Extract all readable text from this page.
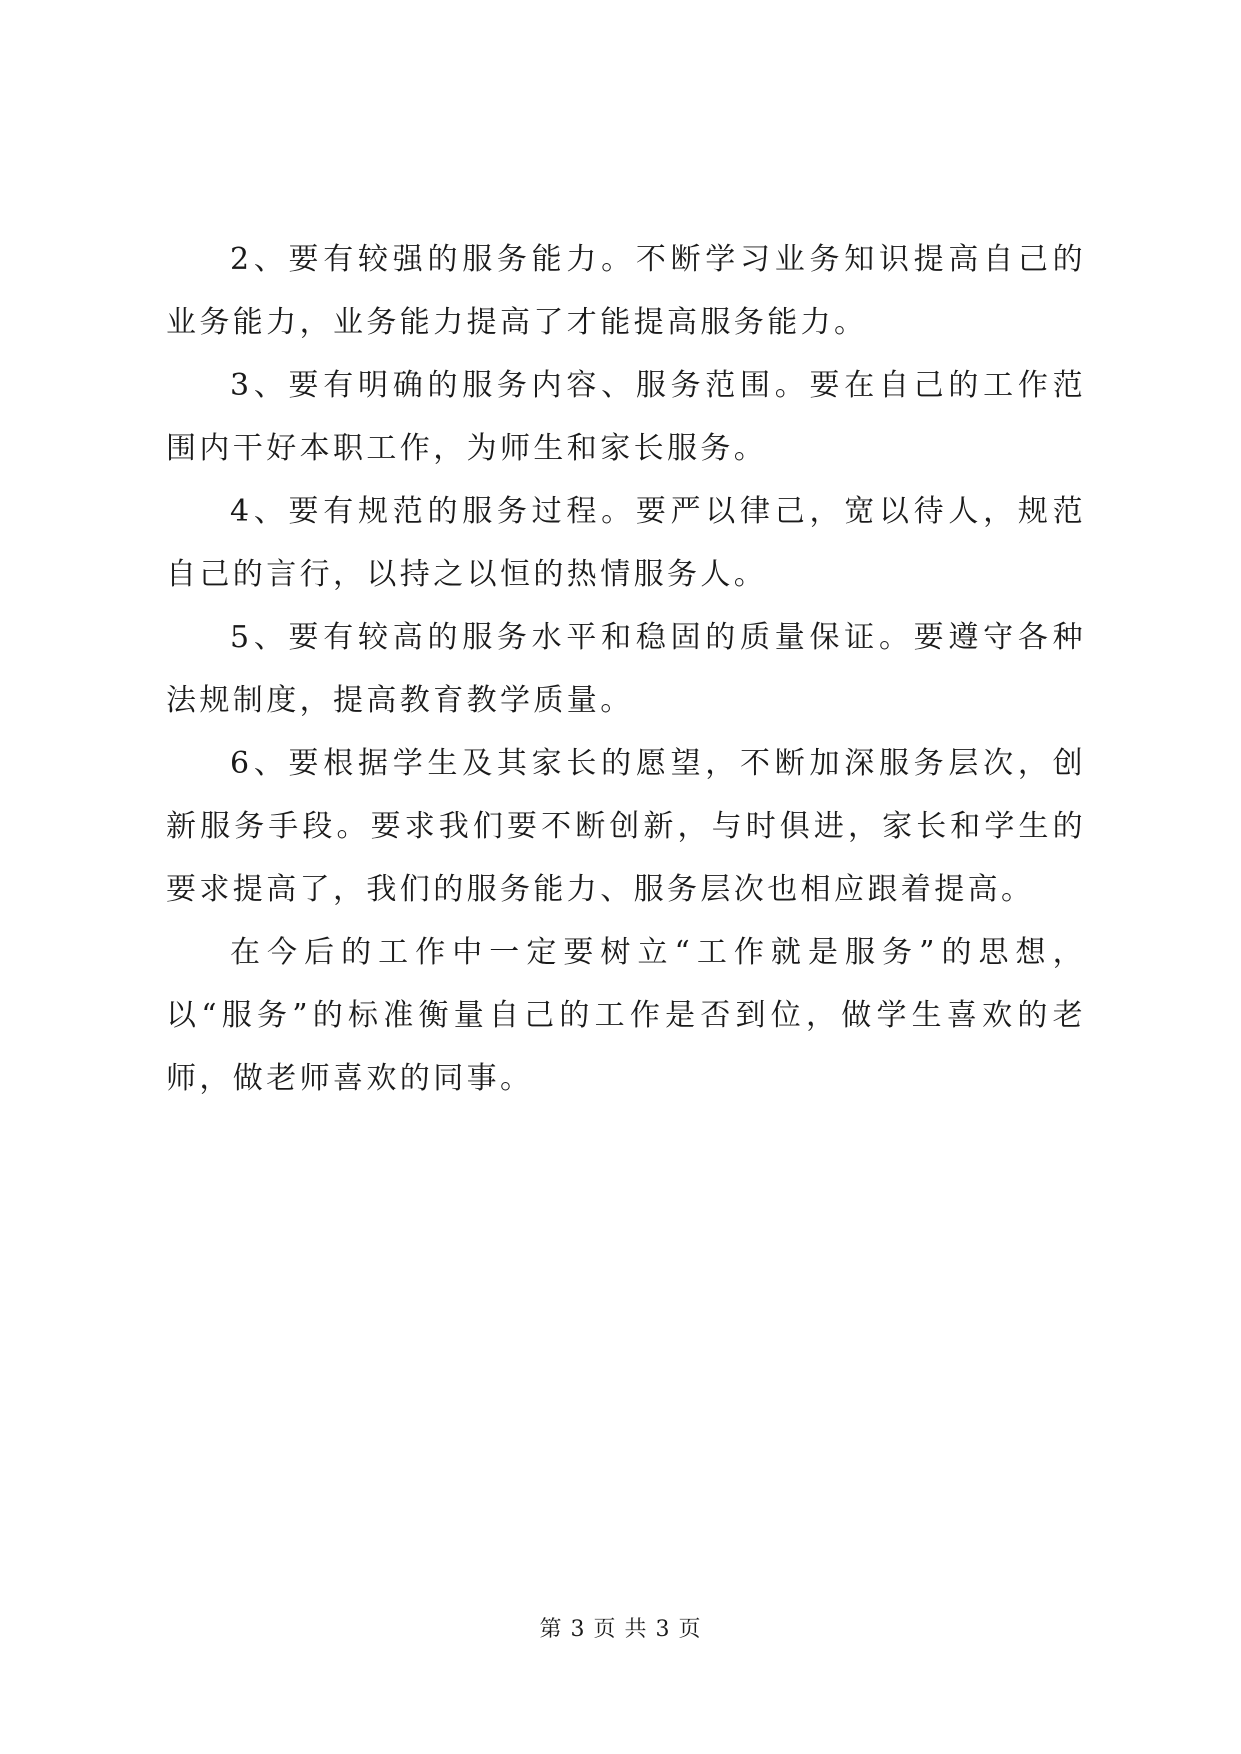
2、要有较强的服务能力。不断学习业务知识提高自己的业务能力，业务能力提高了才能提高服务能力。

3、要有明确的服务内容、服务范围。要在自己的工作范围内干好本职工作，为师生和家长服务。

4、要有规范的服务过程。要严以律己，宽以待人，规范自己的言行，以持之以恒的热情服务人。

5、要有较高的服务水平和稳固的质量保证。要遵守各种法规制度，提高教育教学质量。

6、要根据学生及其家长的愿望，不断加深服务层次，创新服务手段。要求我们要不断创新，与时俱进，家长和学生的要求提高了，我们的服务能力、服务层次也相应跟着提高。

在今后的工作中一定要树立“工作就是服务”的思想，以“服务”的标准衡量自己的工作是否到位，做学生喜欢的老师，做老师喜欢的同事。

第 3 页 共 3 页
